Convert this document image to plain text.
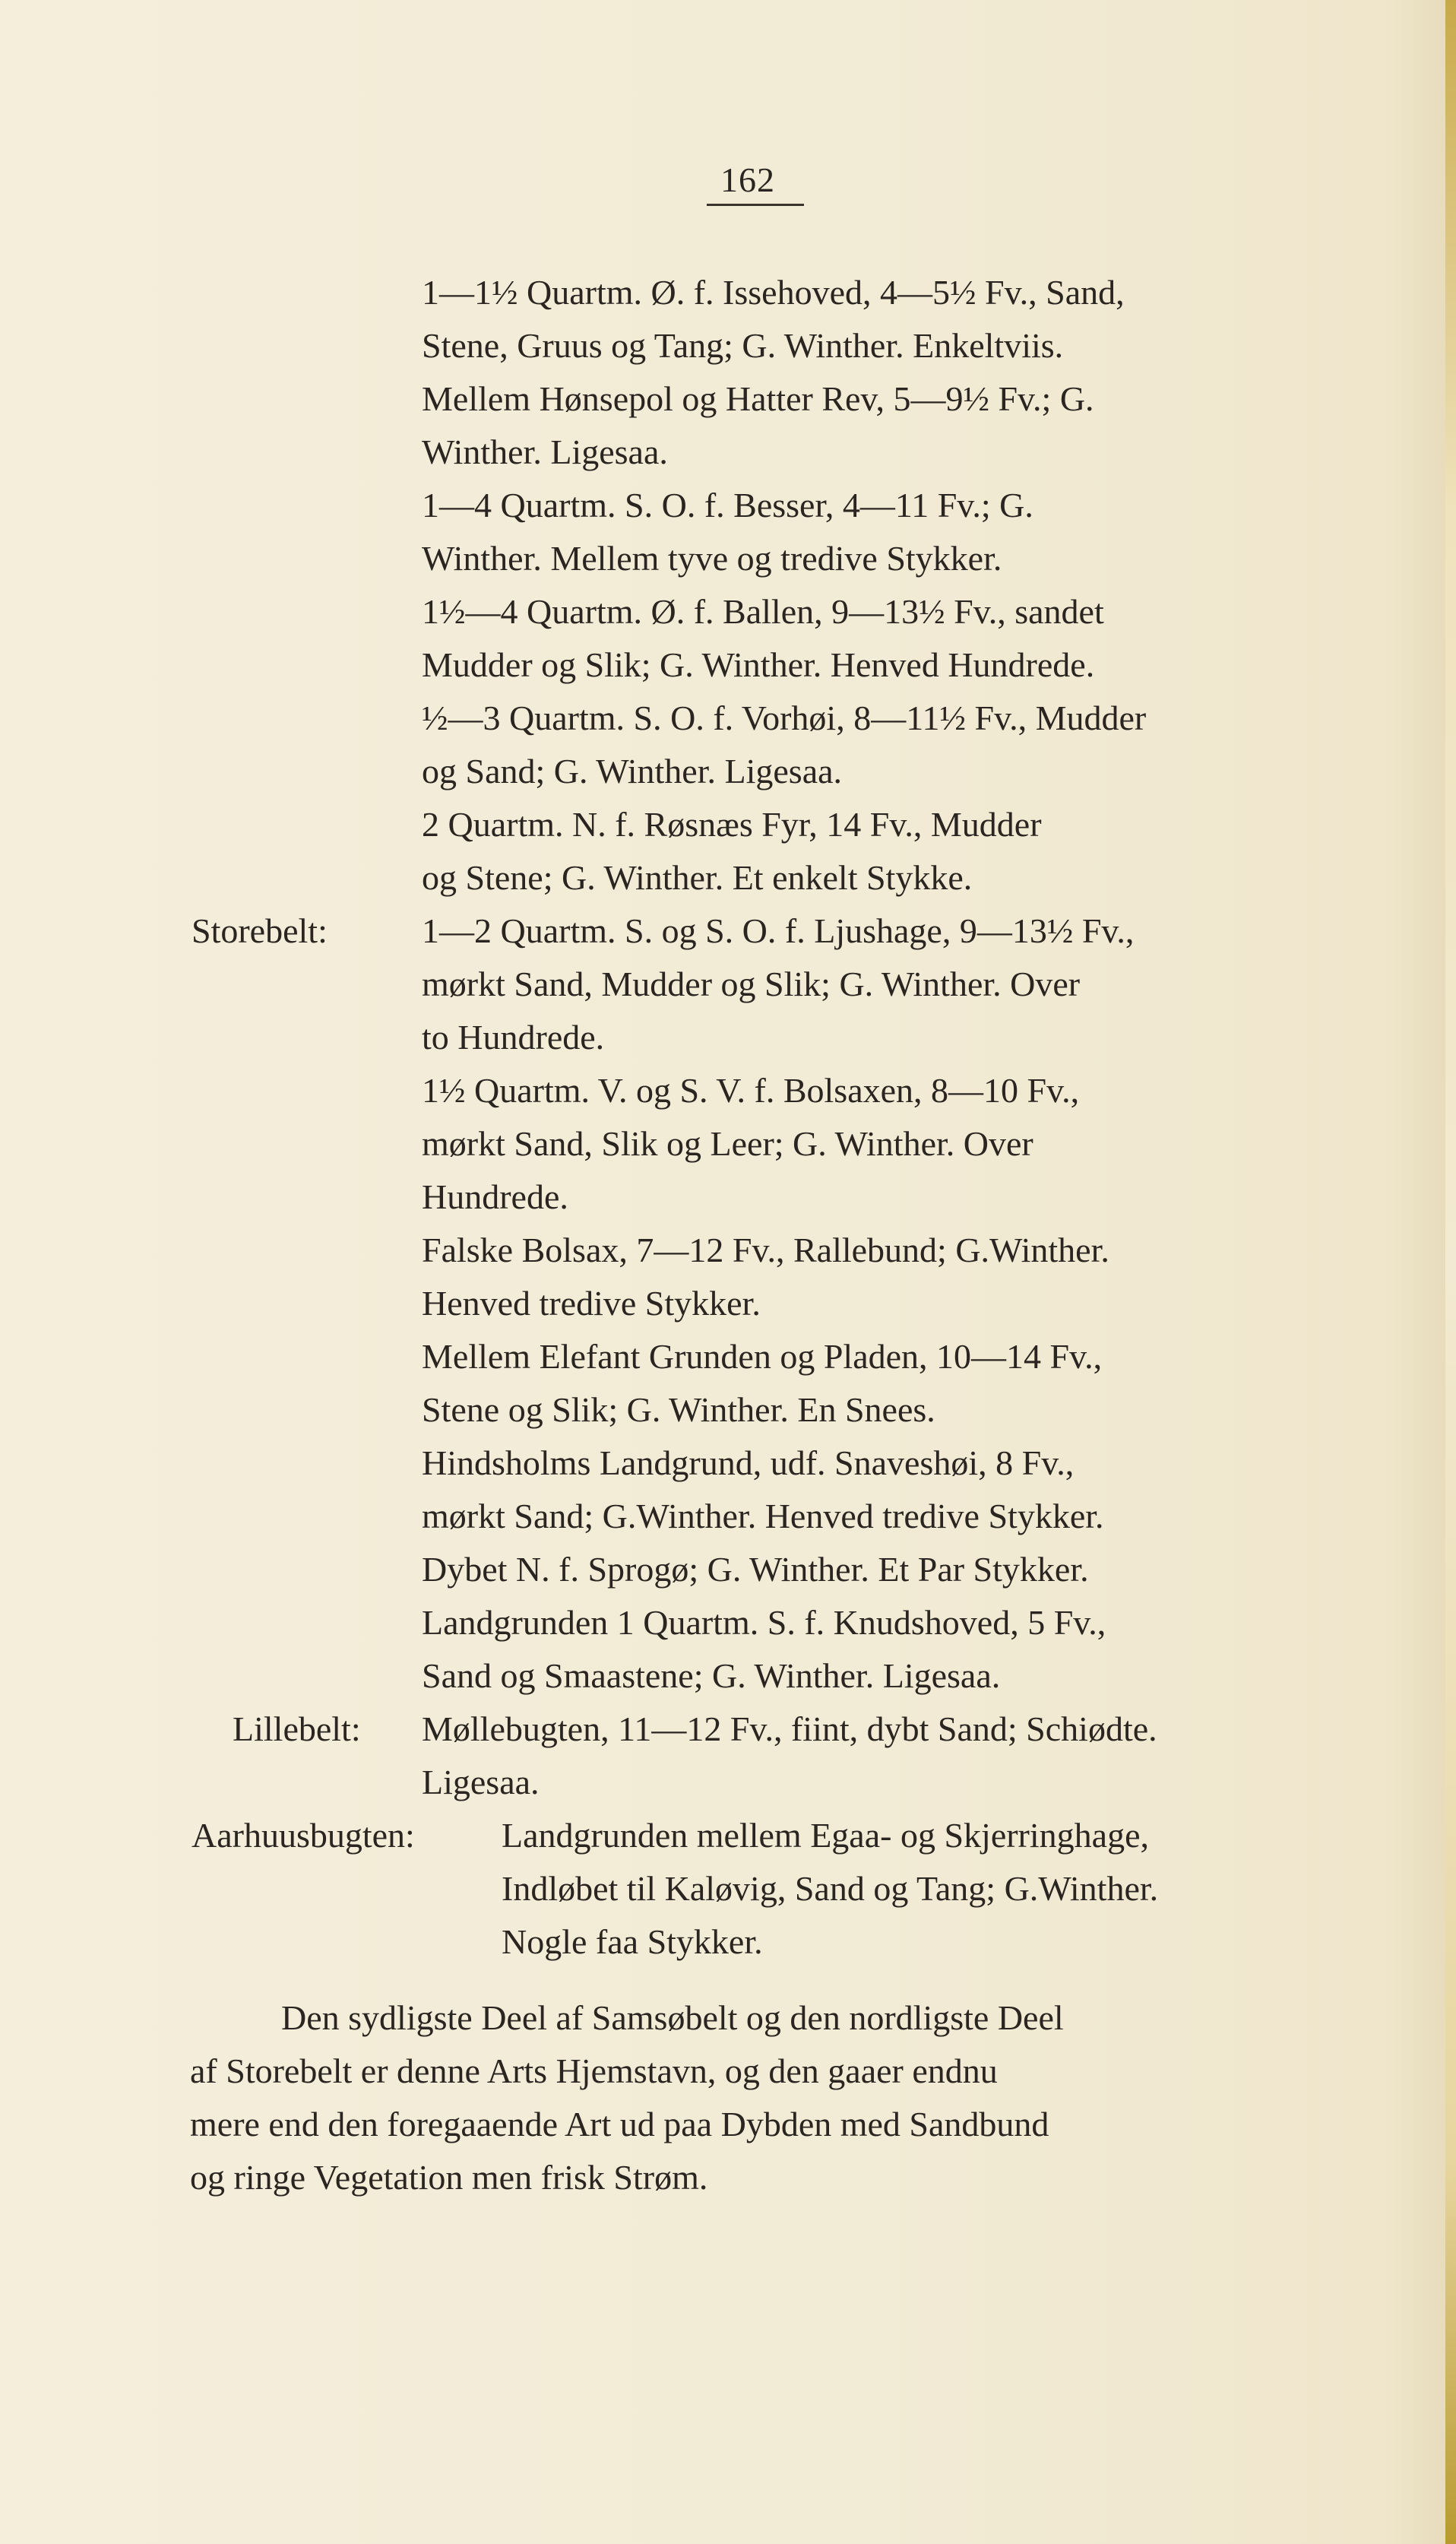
162
1—1½ Quartm. Ø. f. Issehoved, 4—5½ Fv., Sand,
Stene, Gruus og Tang; G. Winther. Enkeltviis.
Mellem Hønsepol og Hatter Rev, 5—9½ Fv.; G.
Winther. Ligesaa.
1—4 Quartm. S. O. f. Besser, 4—11 Fv.; G.
Winther. Mellem tyve og tredive Stykker.
1½—4 Quartm. Ø. f. Ballen, 9—13½ Fv., sandet
Mudder og Slik; G. Winther. Henved Hundrede.
½—3 Quartm. S. O. f. Vorhøi, 8—11½ Fv., Mudder
og Sand; G. Winther. Ligesaa.
2 Quartm. N. f. Røsnæs Fyr, 14 Fv., Mudder
og Stene; G. Winther. Et enkelt Stykke.
Storebelt:	1—2 Quartm. S. og S. O. f. Ljushage, 9—13½ Fv.,
mørkt Sand, Mudder og Slik; G. Winther. Over
to Hundrede.
1½ Quartm. V. og S. V. f. Bolsaxen, 8—10 Fv.,
mørkt Sand, Slik og Leer; G. Winther. Over
Hundrede.
Falske Bolsax, 7—12 Fv., Rallebund; G.Winther.
Henved tredive Stykker.
Mellem Elefant Grunden og Pladen, 10—14 Fv.,
Stene og Slik; G. Winther. En Snees.
Hindsholms Landgrund, udf. Snaveshøi, 8 Fv.,
mørkt Sand; G.Winther. Henved tredive Stykker.
Dybet N. f. Sprogø; G. Winther. Et Par Stykker.
Landgrunden 1 Quartm. S. f. Knudshoved, 5 Fv.,
Sand og Smaastene; G. Winther. Ligesaa.
Lillebelt: Møllebugten, 11—12 Fv., fiint, dybt Sand; Schiødte.
Ligesaa.
Aarhuusbugten: Landgrunden mellem Egaa- og Skjerringhage,
Indløbet til Kaløvig, Sand og Tang; G.Winther.
Nogle faa Stykker.
Den sydligste Deel af Samsøbelt og den nordligste Deel
af Storebelt er denne Arts Hjemstavn, og den gaaer endnu
mere end den foregaaende Art ud paa Dybden med Sandbund
og ringe Vegetation men frisk Strøm.
